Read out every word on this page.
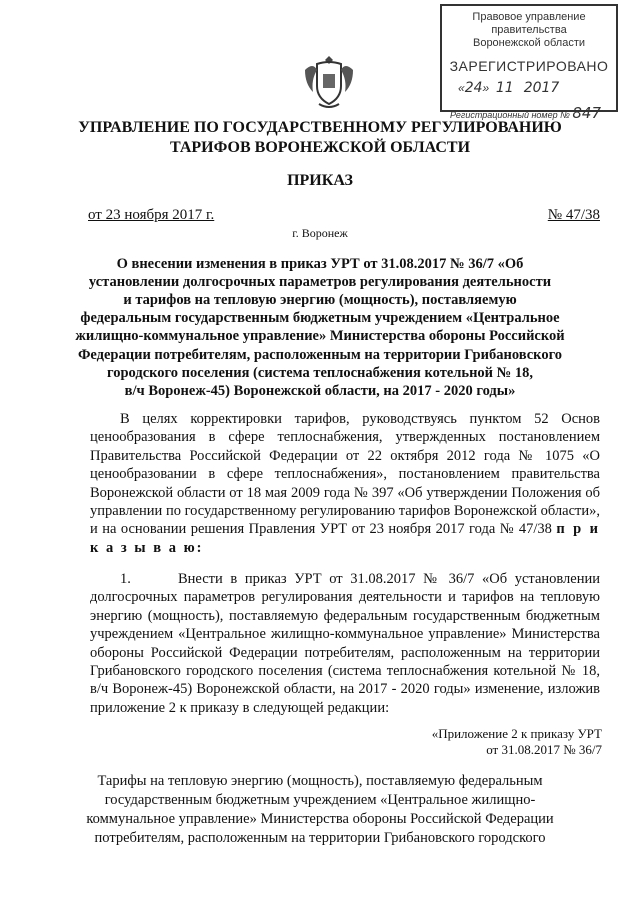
Правовое управление правительства
Воронежской области
ЗАРЕГИСТРИРОВАНО
«24»  11 2017
Регистрационный номер № 847
УПРАВЛЕНИЕ ПО ГОСУДАРСТВЕННОМУ РЕГУЛИРОВАНИЮ
ТАРИФОВ ВОРОНЕЖСКОЙ ОБЛАСТИ
ПРИКАЗ
от 23 ноября 2017 г.	№ 47/38
г. Воронеж
О внесении изменения в приказ УРТ от 31.08.2017 № 36/7 «Об
установлении долгосрочных параметров регулирования деятельности
и тарифов на тепловую энергию (мощность), поставляемую
федеральным государственным бюджетным учреждением «Центральное
жилищно-коммунальное управление» Министерства обороны Российской
Федерации потребителям, расположенным на территории Грибановского
городского поселения (система теплоснабжения котельной № 18,
в/ч Воронеж-45) Воронежской области, на 2017 - 2020 годы»
В целях корректировки тарифов, руководствуясь пунктом 52 Основ ценообразования в сфере теплоснабжения, утвержденных постановлением Правительства Российской Федерации от 22 октября 2012 года № 1075 «О ценообразовании в сфере теплоснабжения», постановлением правительства Воронежской области от 18 мая 2009 года № 397 «Об утверждении Положения об управлении по государственному регулированию тарифов Воронежской области», и на основании решения Правления УРТ от 23 ноября 2017 года № 47/38 п р и к а з ы в а ю:
1.	Внести в приказ УРТ от 31.08.2017 № 36/7 «Об установлении долгосрочных параметров регулирования деятельности и тарифов на тепловую энергию (мощность), поставляемую федеральным государственным бюджетным учреждением «Центральное жилищно-коммунальное управление» Министерства обороны Российской Федерации потребителям, расположенным на территории Грибановского городского поселения (система теплоснабжения котельной № 18, в/ч Воронеж-45) Воронежской области, на 2017 - 2020 годы» изменение, изложив приложение 2 к приказу в следующей редакции:
«Приложение 2 к приказу УРТ
от 31.08.2017 № 36/7
Тарифы на тепловую энергию (мощность), поставляемую федеральным
государственным бюджетным учреждением «Центральное жилищно-
коммунальное управление» Министерства обороны Российской Федерации
потребителям, расположенным на территории Грибановского городского
